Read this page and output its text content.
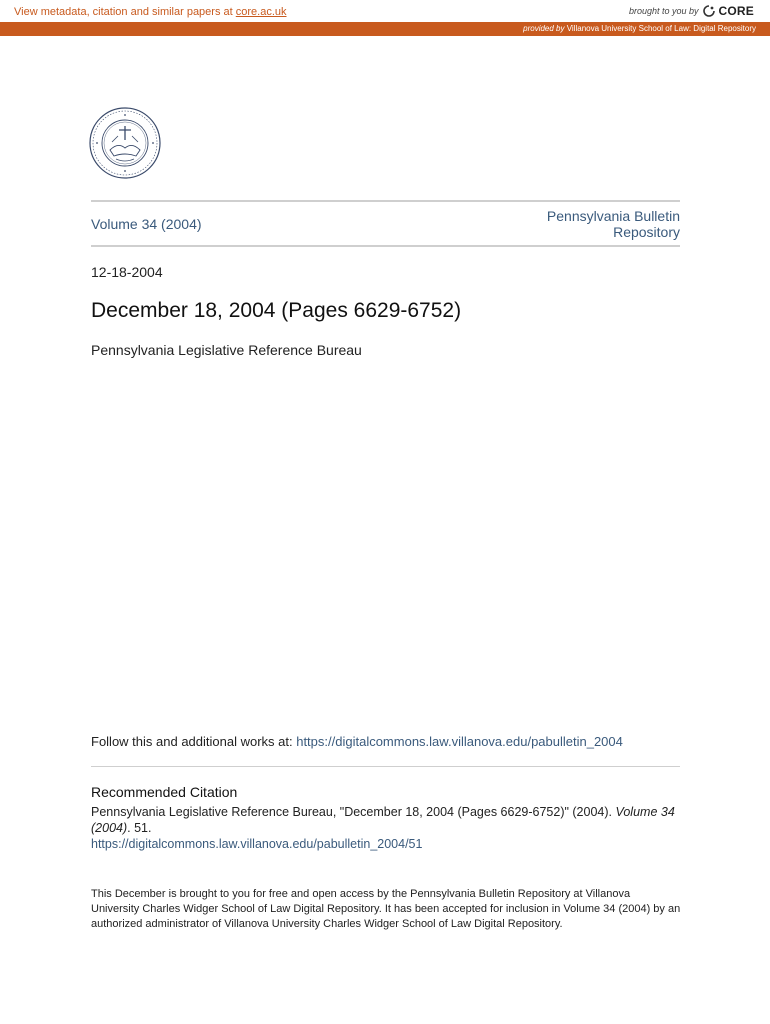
View metadata, citation and similar papers at core.ac.uk	brought to you by CORE
provided by Villanova University School of Law: Digital Repository
Volume 34 (2004)	Pennsylvania Bulletin
Repository
12-18-2004
December 18, 2004 (Pages 6629-6752)
Pennsylvania Legislative Reference Bureau
Follow this and additional works at: https://digitalcommons.law.villanova.edu/pabulletin_2004
Recommended Citation
Pennsylvania Legislative Reference Bureau, "December 18, 2004 (Pages 6629-6752)" (2004). Volume 34 (2004). 51.
https://digitalcommons.law.villanova.edu/pabulletin_2004/51
This December is brought to you for free and open access by the Pennsylvania Bulletin Repository at Villanova University Charles Widger School of Law Digital Repository. It has been accepted for inclusion in Volume 34 (2004) by an authorized administrator of Villanova University Charles Widger School of Law Digital Repository.
